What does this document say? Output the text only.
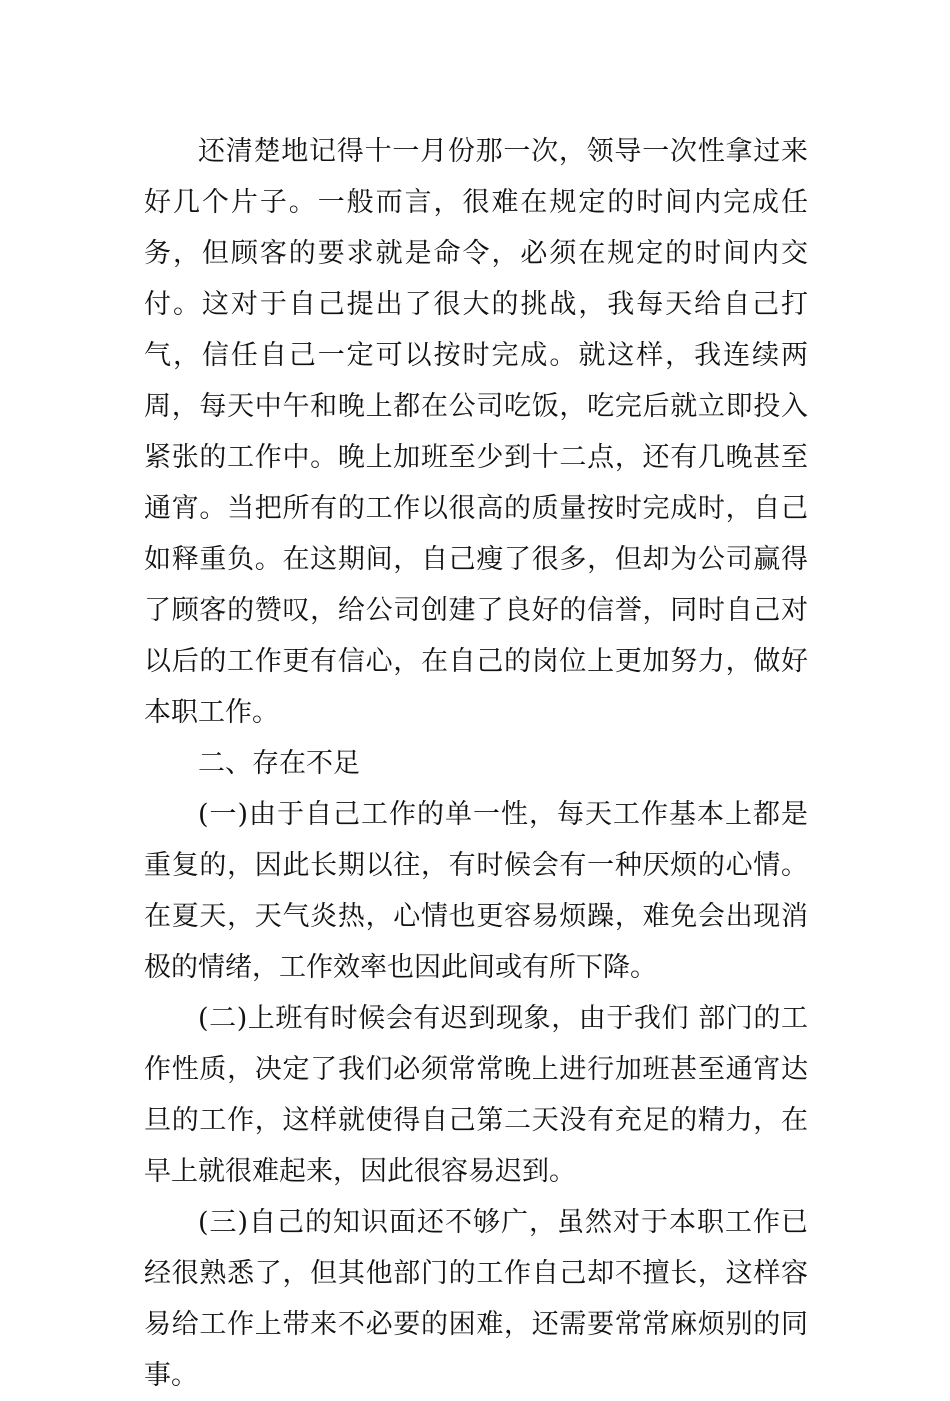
还清楚地记得十一月份那一次，领导一次性拿过来好几个片子。一般而言，很难在规定的时间内完成任务，但顾客的要求就是命令，必须在规定的时间内交付。这对于自己提出了很大的挑战，我每天给自己打气，信任自己一定可以按时完成。就这样，我连续两周，每天中午和晚上都在公司吃饭，吃完后就立即投入紧张的工作中。晚上加班至少到十二点，还有几晚甚至通宵。当把所有的工作以很高的质量按时完成时，自己如释重负。在这期间，自己瘦了很多，但却为公司赢得了顾客的赞叹，给公司创建了良好的信誉，同时自己对以后的工作更有信心，在自己的岗位上更加努力，做好本职工作。

二、存在不足

(一)由于自己工作的单一性，每天工作基本上都是重复的，因此长期以往，有时候会有一种厌烦的心情。在夏天，天气炎热，心情也更容易烦躁，难免会出现消极的情绪，工作效率也因此间或有所下降。

(二)上班有时候会有迟到现象，由于我们 部门的工作性质，决定了我们必须常常晚上进行加班甚至通宵达旦的工作，这样就使得自己第二天没有充足的精力，在早上就很难起来，因此很容易迟到。

(三)自己的知识面还不够广，虽然对于本职工作已经很熟悉了，但其他部门的工作自己却不擅长，这样容易给工作上带来不必要的困难，还需要常常麻烦别的同事。
